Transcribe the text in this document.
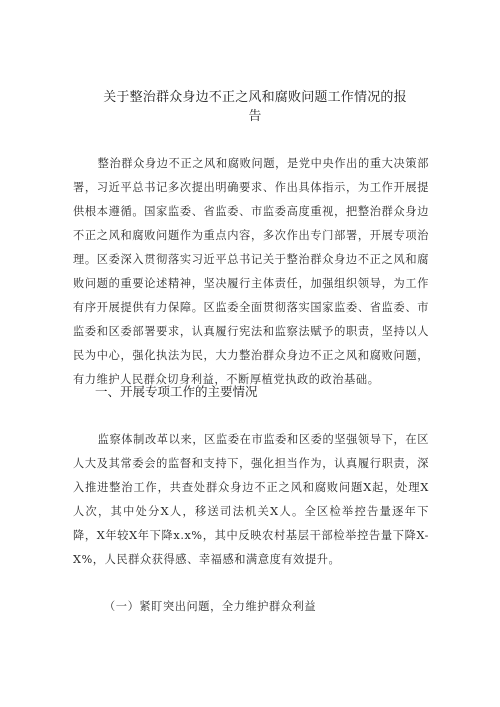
关于整治群众身边不正之风和腐败问题工作情况的报
告

整治群众身边不正之风和腐败问题，是党中央作出的重大决策部署，习近平总书记多次提出明确要求、作出具体指示，为工作开展提供根本遵循。国家监委、省监委、市监委高度重视，把整治群众身边不正之风和腐败问题作为重点内容，多次作出专门部署，开展专项治理。区委深入贯彻落实习近平总书记关于整治群众身边不正之风和腐败问题的重要论述精神，坚决履行主体责任，加强组织领导，为工作有序开展提供有力保障。区监委全面贯彻落实国家监委、省监委、市监委和区委部署要求，认真履行宪法和监察法赋予的职责，坚持以人民为中心，强化执法为民，大力整治群众身边不正之风和腐败问题，有力维护人民群众切身利益，不断厚植党执政的政治基础。

一、开展专项工作的主要情况

监察体制改革以来，区监委在市监委和区委的坚强领导下，在区人大及其常委会的监督和支持下，强化担当作为，认真履行职责，深入推进整治工作，共查处群众身边不正之风和腐败问题X起，处理X人次，其中处分X人，移送司法机关X人。全区检举控告量逐年下降，X年较X年下降x.x%，其中反映农村基层干部检举控告量下降X-X%，人民群众获得感、幸福感和满意度有效提升。

（一）紧盯突出问题，全力维护群众利益
